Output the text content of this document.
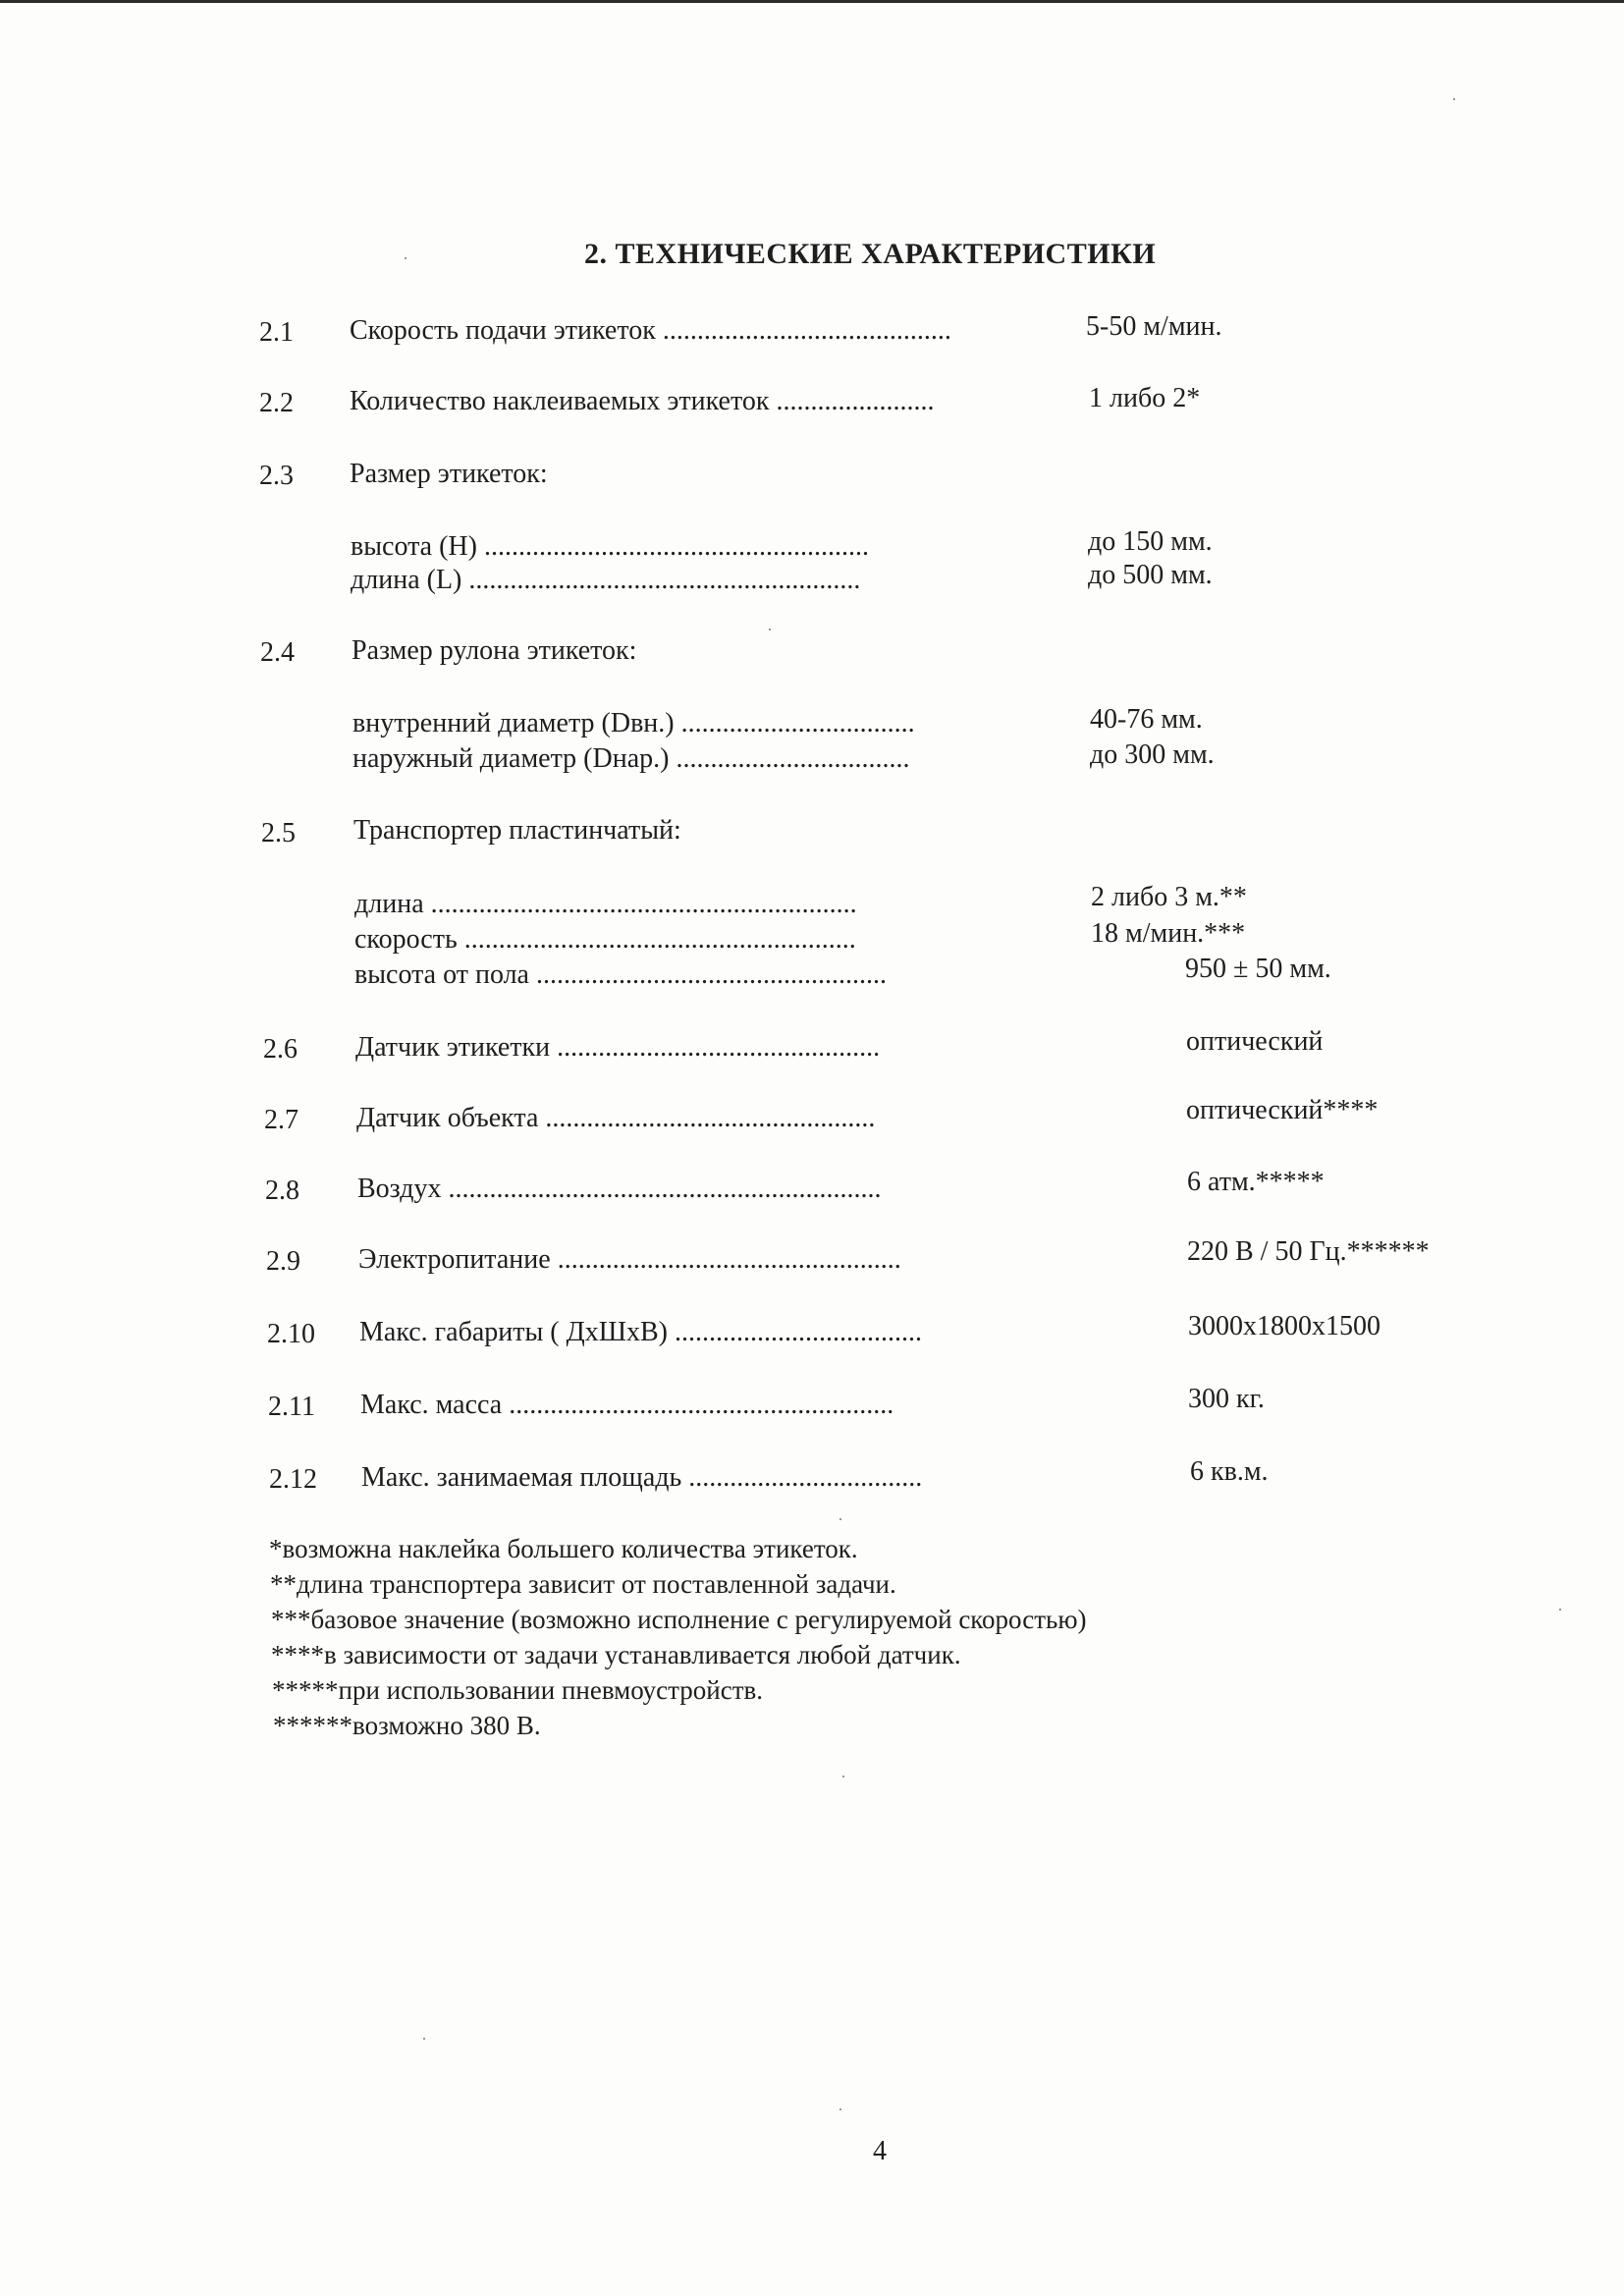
2. ТЕХНИЧЕСКИЕ ХАРАКТЕРИСТИКИ
2.1 Скорость подачи этикеток ..........................................	5-50 м/мин.
2.2 Количество наклеиваемых этикеток .......................	1 либо 2*
2.3 Размер этикеток:
высота (H) ........................................................	до 150 мм.
длина (L) .........................................................	до 500 мм.
2.4 Размер рулона этикеток:
внутренний диаметр (Dвн.) ..................................	40-76 мм.
наружный диаметр (Dнар.) ..................................	до 300 мм.
2.5 Транспортер пластинчатый:
длина ..............................................................	2 либо 3 м.**
скорость .........................................................	18 м/мин.***
высота от пола ...................................................	950 ± 50 мм.
2.6 Датчик этикетки ...............................................	оптический
2.7 Датчик объекта ................................................	оптический****
2.8 Воздух ...............................................................	6 атм.*****
2.9 Электропитание ..................................................	220 В / 50 Гц.******
2.10 Макс. габариты ( ДхШхВ) ....................................	3000х1800х1500
2.11 Макс. масса ........................................................	300 кг.
2.12 Макс. занимаемая площадь ..................................	6 кв.м.
*возможна наклейка большего количества этикеток.
**длина транспортера зависит от поставленной задачи.
***базовое значение (возможно исполнение с регулируемой скоростью)
****в зависимости от задачи устанавливается любой датчик.
*****при использовании пневмоустройств.
******возможно 380 В.
4
